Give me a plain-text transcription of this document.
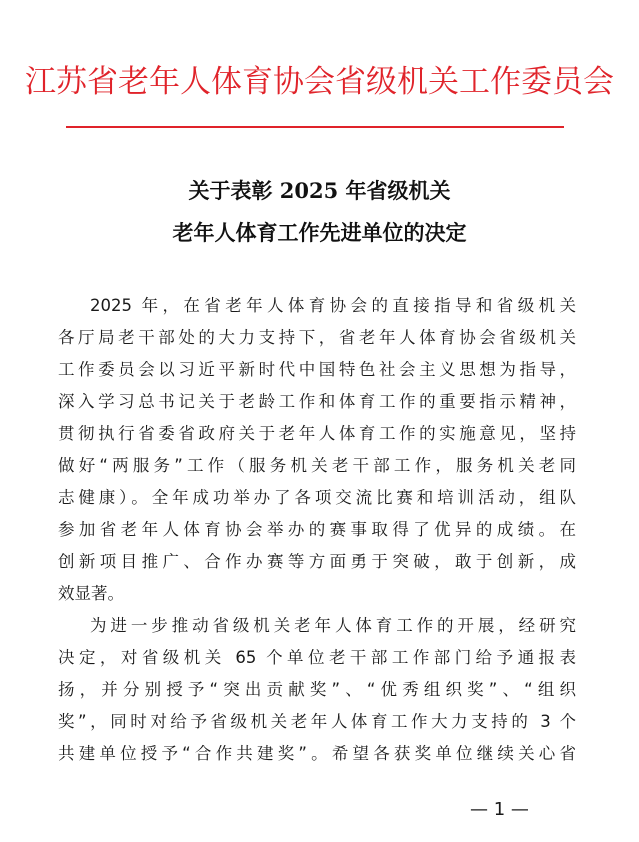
江苏省老年人体育协会省级机关工作委员会
关于表彰 2025 年省级机关
老年人体育工作先进单位的决定
2025 年，在省老年人体育协会的直接指导和省级机关
各厅局老干部处的大力支持下，省老年人体育协会省级机关
工作委员会以习近平新时代中国特色社会主义思想为指导，
深入学习总书记关于老龄工作和体育工作的重要指示精神，
贯彻执行省委省政府关于老年人体育工作的实施意见，坚持
做好“两服务”工作（服务机关老干部工作，服务机关老同
志健康）。全年成功举办了各项交流比赛和培训活动，组队
参加省老年人体育协会举办的赛事取得了优异的成绩。在
创新项目推广、合作办赛等方面勇于突破，敢于创新，成
效显著。
为进一步推动省级机关老年人体育工作的开展，经研究
决定，对省级机关 65 个单位老干部工作部门给予通报表
扬，并分别授予“突出贡献奖”、“优秀组织奖”、“组织
奖”，同时对给予省级机关老年人体育工作大力支持的 3 个
共建单位授予“合作共建奖”。希望各获奖单位继续关心省
— 1 —
